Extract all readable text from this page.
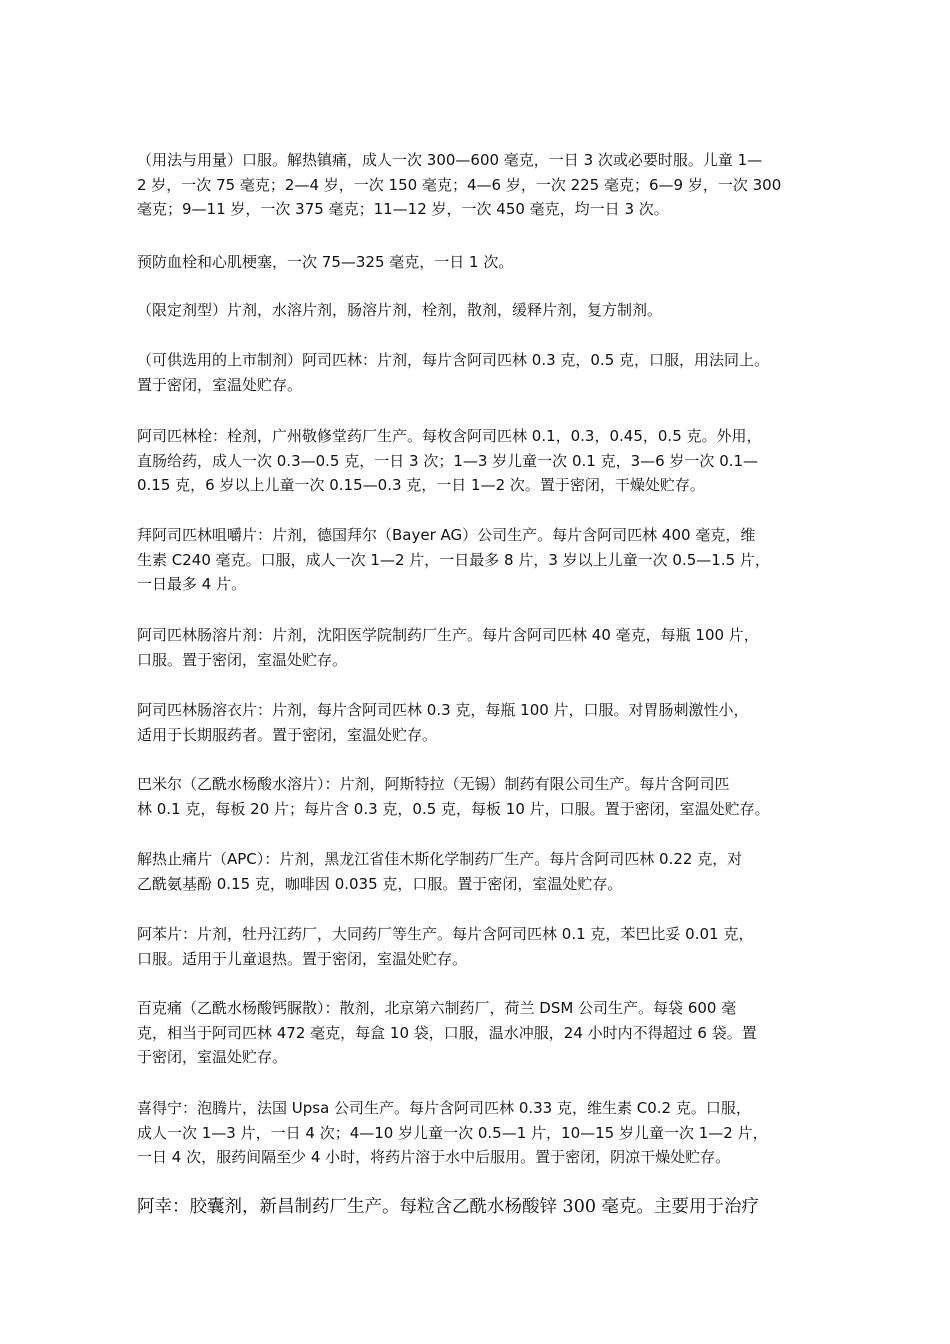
（用法与用量）口服。解热镇痛，成人一次 300—600 毫克，一日 3 次或必要时服。儿童 1—
2 岁，一次 75 毫克；2—4 岁，一次 150 毫克；4—6 岁，一次 225 毫克；6—9 岁，一次 300
毫克；9—11 岁，一次 375 毫克；11—12 岁，一次 450 毫克，均一日 3 次。
预防血栓和心肌梗塞，一次 75—325 毫克，一日 1 次。
（限定剂型）片剂，水溶片剂，肠溶片剂，栓剂，散剂，缓释片剂，复方制剂。
（可供选用的上市制剂）阿司匹林：片剂，每片含阿司匹林 0.3 克，0.5 克，口服，用法同上。
置于密闭，室温处贮存。
阿司匹林栓：栓剂，广州敬修堂药厂生产。每枚含阿司匹林 0.1，0.3，0.45，0.5 克。外用，
直肠给药，成人一次 0.3—0.5 克，一日 3 次；1—3 岁儿童一次 0.1 克，3—6 岁一次 0.1—
0.15 克，6 岁以上儿童一次 0.15—0.3 克，一日 1—2 次。置于密闭，干燥处贮存。
拜阿司匹林咀嚼片：片剂，德国拜尔（Bayer AG）公司生产。每片含阿司匹林 400 毫克，维
生素 C240 毫克。口服，成人一次 1—2 片，一日最多 8 片，3 岁以上儿童一次 0.5—1.5 片，
一日最多 4 片。
阿司匹林肠溶片剂：片剂，沈阳医学院制药厂生产。每片含阿司匹林 40 毫克，每瓶 100 片，
口服。置于密闭，室温处贮存。
阿司匹林肠溶衣片：片剂，每片含阿司匹林 0.3 克，每瓶 100 片，口服。对胃肠刺激性小，
适用于长期服药者。置于密闭，室温处贮存。
巴米尔（乙酰水杨酸水溶片）：片剂，阿斯特拉（无锡）制药有限公司生产。每片含阿司匹
林 0.1 克，每板 20 片；每片含 0.3 克，0.5 克，每板 10 片，口服。置于密闭，室温处贮存。
解热止痛片（APC）：片剂，黑龙江省佳木斯化学制药厂生产。每片含阿司匹林 0.22 克，对
乙酰氨基酚 0.15 克，咖啡因 0.035 克，口服。置于密闭，室温处贮存。
阿苯片：片剂，牡丹江药厂，大同药厂等生产。每片含阿司匹林 0.1 克，苯巴比妥 0.01 克，
口服。适用于儿童退热。置于密闭，室温处贮存。
百克痛（乙酰水杨酸钙脲散）：散剂，北京第六制药厂，荷兰 DSM 公司生产。每袋 600 毫
克，相当于阿司匹林 472 毫克，每盒 10 袋，口服，温水冲服，24 小时内不得超过 6 袋。置
于密闭，室温处贮存。
喜得宁：泡腾片，法国 Upsa 公司生产。每片含阿司匹林 0.33 克，维生素 C0.2 克。口服，
成人一次 1—3 片，一日 4 次；4—10 岁儿童一次 0.5—1 片，10—15 岁儿童一次 1—2 片，
一日 4 次，服药间隔至少 4 小时，将药片溶于水中后服用。置于密闭，阴凉干燥处贮存。
阿幸：胶囊剂，新昌制药厂生产。每粒含乙酰水杨酸锌 300 毫克。主要用于治疗
